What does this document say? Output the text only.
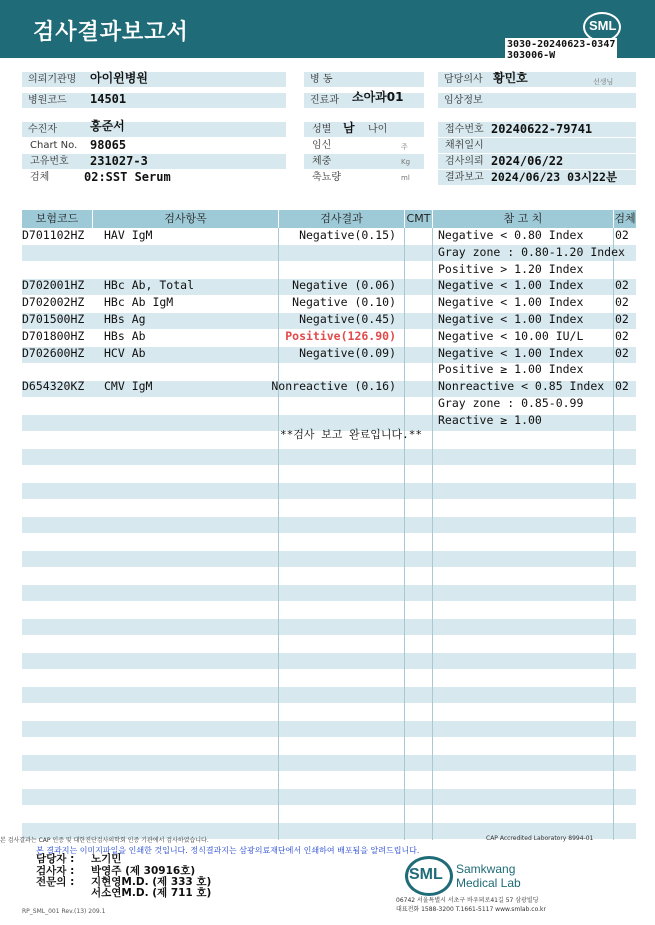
검사결과보고서	SML
3030-20240623-0347
303006-W
의뢰기관명	아이윈병원	병 동	담당의사 황민호	선생님
병원코드	14501	진료과	소아과01	임상정보
수진자	홍준서
Chart No. 98065
고유번호 231027-3
검체	02:SST Serum
성별 남 나이
임신	주
체중	Kg
축뇨량	ml
접수번호 20240622-79741
채취일시
검사의뢰 2024/06/22
결과보고 2024/06/23 03시22분
보험코드	검사항목	검사결과	CMT	참 고 치	검체
D701102HZ HAV IgM	Negative(0.15)	Negative < 0.80 Index	02
Gray zone : 0.80-1.20 Index
Positive > 1.20 Index
D702001HZ HBc Ab, Total	Negative (0.06)	Negative < 1.00 Index	02
D702002HZ HBc Ab IgM	Negative (0.10)	Negative < 1.00 Index	02
D701500HZ HBs Ag	Negative(0.45)	Negative < 1.00 Index	02
D701800HZ HBs Ab	Positive(126.90)	Negative < 10.00 IU/L	02
D702600HZ HCV Ab	Negative(0.09)	Negative < 1.00 Index	02
Positive ≥ 1.00 Index
D654320KZ CMV IgM	Nonreactive (0.16)	Nonreactive < 0.85 Index 02
Gray zone : 0.85-0.99
Reactive ≥ 1.00
**검사 보고 완료입니다.**
본 검사결과는 CAP 인증 및 대한진단검사의학회 인증 기관에서 검사하였습니다.	CAP Accredited Laboratory 8994-01
본 결과지는 이미지파일을 인쇄한 것입니다. 정식결과지는 삼광의료재단에서 인쇄하여 배포됨을 알려드립니다.
담당자 : 노기민
검사자 : 박영주 (제 30916호)
전문의 : 지현영M.D. (제 333 호)
서소연M.D. (제 711 호)
SML Samkwang
Medical Lab
06742 서울특별시 서초구 바우뫼로41길 57 삼광빌딩
대표전화 1588-3200 T.1661-5117 www.smlab.co.kr
RP_SML_001 Rev.(13) 209.1
